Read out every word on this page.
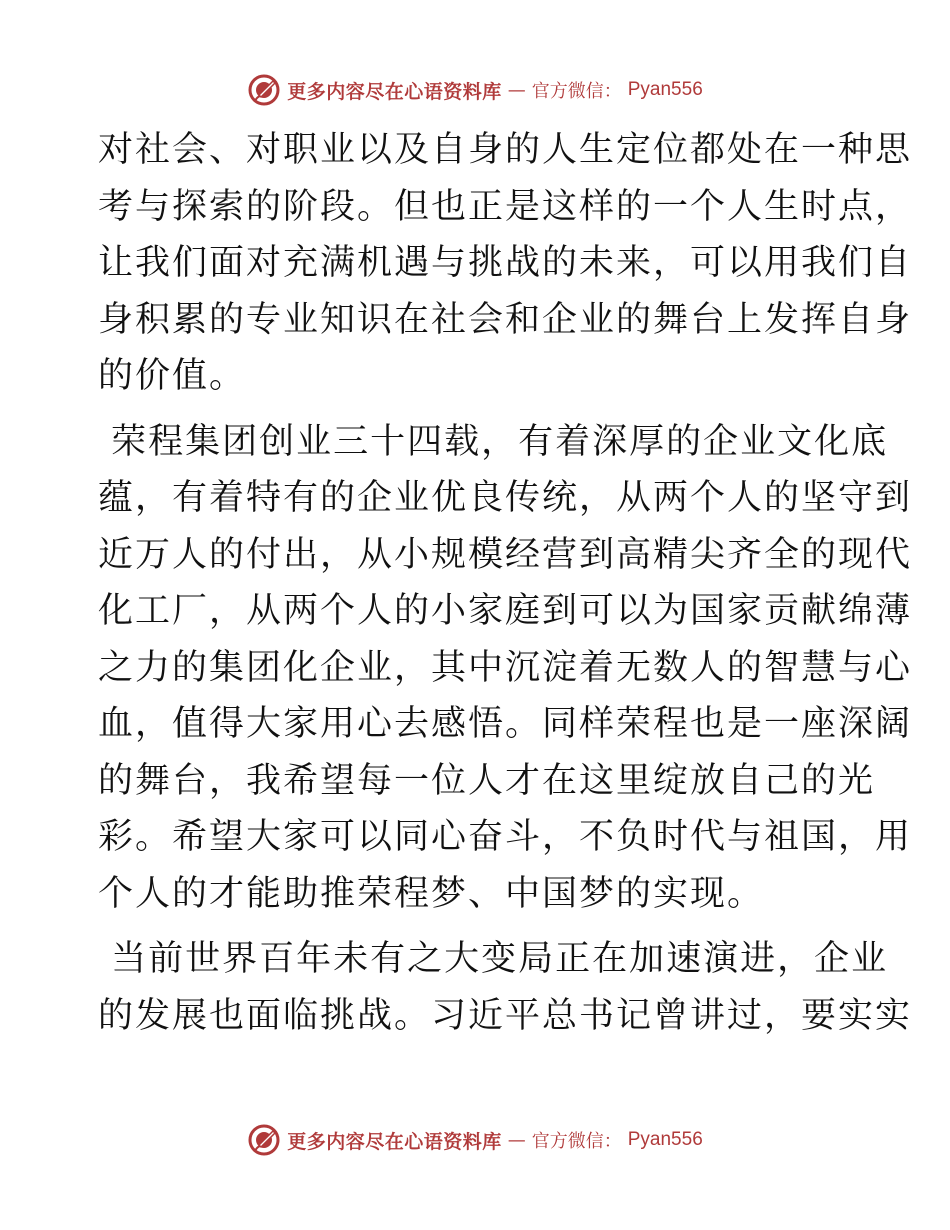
更多内容尽在心语资料库 — 官方微信： Pyan556
对社会、对职业以及自身的人生定位都处在一种思
考与探索的阶段。但也正是这样的一个人生时点，
让我们面对充满机遇与挑战的未来，可以用我们自
身积累的专业知识在社会和企业的舞台上发挥自身
的价值。
荣程集团创业三十四载，有着深厚的企业文化底
蕴，有着特有的企业优良传统，从两个人的坚守到
近万人的付出，从小规模经营到高精尖齐全的现代
化工厂，从两个人的小家庭到可以为国家贡献绵薄
之力的集团化企业，其中沉淀着无数人的智慧与心
血，值得大家用心去感悟。同样荣程也是一座深阔
的舞台，我希望每一位人才在这里绽放自己的光
彩。希望大家可以同心奋斗，不负时代与祖国，用
个人的才能助推荣程梦、中国梦的实现。
当前世界百年未有之大变局正在加速演进，企业
的发展也面临挑战。习近平总书记曾讲过，要实实
更多内容尽在心语资料库 — 官方微信： Pyan556
